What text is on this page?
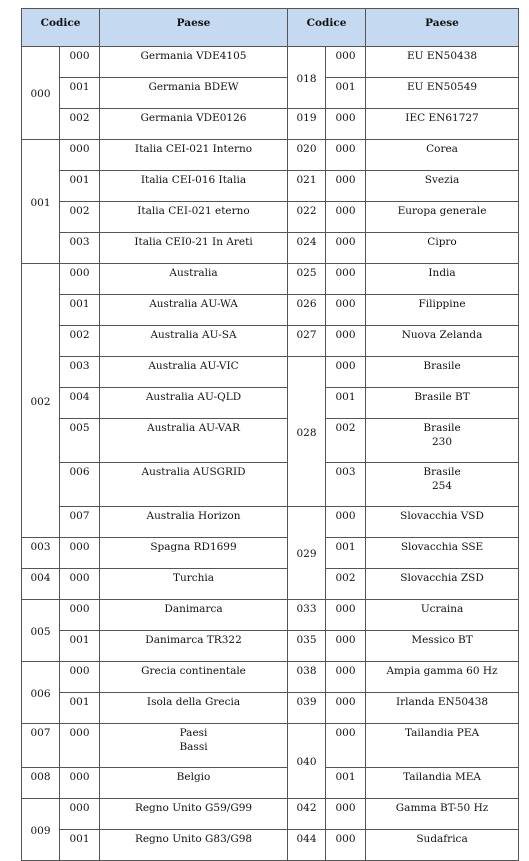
Codice		Paese	Codice		Paese
000	000	Germania VDE4105	018	000	EU EN50438
	001	Germania BDEW		001	EU EN50549
	002	Germania VDE0126	019	000	IEC EN61727
001	000	Italia CEI-021 Interno	020	000	Corea
	001	Italia CEI-016 Italia	021	000	Svezia
	002	Italia CEI-021 eterno	022	000	Europa generale
	003	Italia CEI0-21 In Areti	024	000	Cipro
002	000	Australia	025	000	India
	001	Australia AU-WA	026	000	Filippine
	002	Australia AU-SA	027	000	Nuova Zelanda
	003	Australia AU-VIC	028	000	Brasile
	004	Australia AU-QLD		001	Brasile BT
	005	Australia AU-VAR		002	Brasile
230

	006	Australia AUSGRID		003	Brasile
254

	007	Australia Horizon	029	000	Slovacchia VSD
003	000	Spagna RD1699		001	Slovacchia SSE
004	000	Turchia		002	Slovacchia ZSD
005	000	Danimarca	033	000	Ucraina
	001	Danimarca TR322	035	000	Messico BT
006	000	Grecia continentale	038	000	Ampia gamma 60 Hz
	001	Isola della Grecia	039	000	Irlanda EN50438
007	000	Paesi
Bassi	040	000	Tailandia PEA
008	000	Belgio		001	Tailandia MEA
009	000	Regno Unito G59/G99	042	000	Gamma BT-50 Hz
	001	Regno Unito G83/G98	044	000	Sudafrica
